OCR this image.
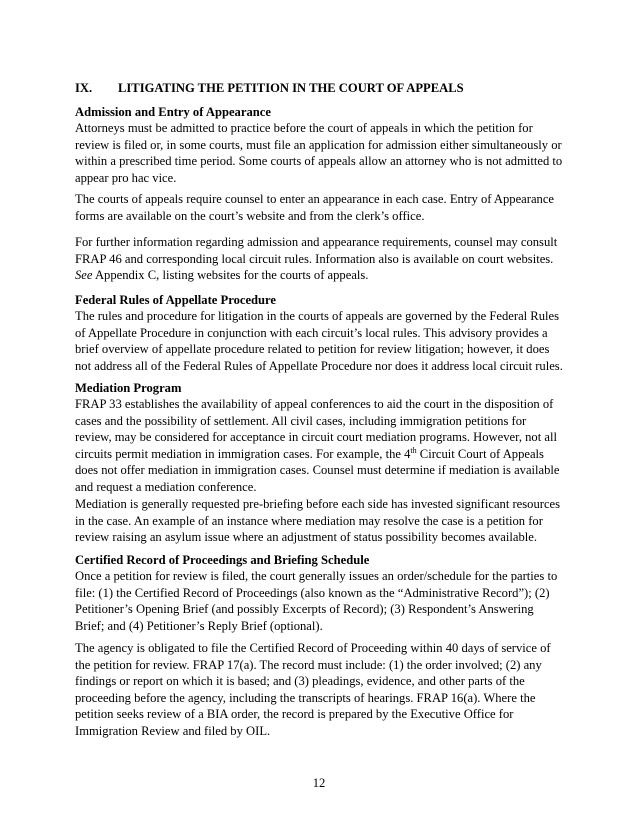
IX. LITIGATING THE PETITION IN THE COURT OF APPEALS
Admission and Entry of Appearance
Attorneys must be admitted to practice before the court of appeals in which the petition for
review is filed or, in some courts, must file an application for admission either simultaneously or
within a prescribed time period. Some courts of appeals allow an attorney who is not admitted to
appear pro hac vice.
The courts of appeals require counsel to enter an appearance in each case. Entry of Appearance
forms are available on the court’s website and from the clerk’s office.
For further information regarding admission and appearance requirements, counsel may consult
FRAP 46 and corresponding local circuit rules. Information also is available on court websites.
See Appendix C, listing websites for the courts of appeals.
Federal Rules of Appellate Procedure
The rules and procedure for litigation in the courts of appeals are governed by the Federal Rules
of Appellate Procedure in conjunction with each circuit’s local rules. This advisory provides a
brief overview of appellate procedure related to petition for review litigation; however, it does
not address all of the Federal Rules of Appellate Procedure nor does it address local circuit rules.
Mediation Program
FRAP 33 establishes the availability of appeal conferences to aid the court in the disposition of
cases and the possibility of settlement. All civil cases, including immigration petitions for
review, may be considered for acceptance in circuit court mediation programs. However, not all
circuits permit mediation in immigration cases. For example, the 4th Circuit Court of Appeals
does not offer mediation in immigration cases. Counsel must determine if mediation is available
and request a mediation conference.
Mediation is generally requested pre-briefing before each side has invested significant resources
in the case. An example of an instance where mediation may resolve the case is a petition for
review raising an asylum issue where an adjustment of status possibility becomes available.
Certified Record of Proceedings and Briefing Schedule
Once a petition for review is filed, the court generally issues an order/schedule for the parties to
file: (1) the Certified Record of Proceedings (also known as the “Administrative Record”); (2)
Petitioner’s Opening Brief (and possibly Excerpts of Record); (3) Respondent’s Answering
Brief; and (4) Petitioner’s Reply Brief (optional).
The agency is obligated to file the Certified Record of Proceeding within 40 days of service of
the petition for review. FRAP 17(a). The record must include: (1) the order involved; (2) any
findings or report on which it is based; and (3) pleadings, evidence, and other parts of the
proceeding before the agency, including the transcripts of hearings. FRAP 16(a). Where the
petition seeks review of a BIA order, the record is prepared by the Executive Office for
Immigration Review and filed by OIL.
12
